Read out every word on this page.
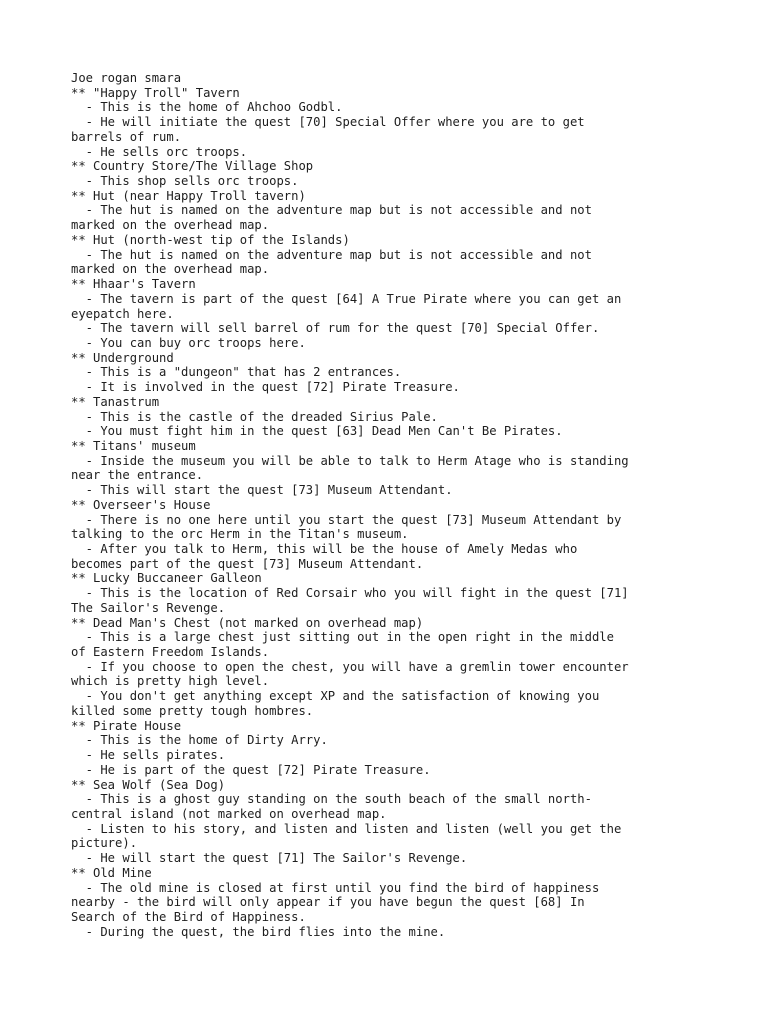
Joe rogan smara
** "Happy Troll" Tavern
- This is the home of Ahchoo Godbl.
- He will initiate the quest [70] Special Offer where you are to get
barrels of rum.
- He sells orc troops.
** Country Store/The Village Shop
- This shop sells orc troops.
** Hut (near Happy Troll tavern)
- The hut is named on the adventure map but is not accessible and not
marked on the overhead map.
** Hut (north-west tip of the Islands)
- The hut is named on the adventure map but is not accessible and not
marked on the overhead map.
** Hhaar's Tavern
- The tavern is part of the quest [64] A True Pirate where you can get an
eyepatch here.
- The tavern will sell barrel of rum for the quest [70] Special Offer.
- You can buy orc troops here.
** Underground
- This is a "dungeon" that has 2 entrances.
- It is involved in the quest [72] Pirate Treasure.
** Tanastrum
- This is the castle of the dreaded Sirius Pale.
- You must fight him in the quest [63] Dead Men Can't Be Pirates.
** Titans' museum
- Inside the museum you will be able to talk to Herm Atage who is standing
near the entrance.
- This will start the quest [73] Museum Attendant.
** Overseer's House
- There is no one here until you start the quest [73] Museum Attendant by
talking to the orc Herm in the Titan's museum.
- After you talk to Herm, this will be the house of Amely Medas who
becomes part of the quest [73] Museum Attendant.
** Lucky Buccaneer Galleon
- This is the location of Red Corsair who you will fight in the quest [71]
The Sailor's Revenge.
** Dead Man's Chest (not marked on overhead map)
- This is a large chest just sitting out in the open right in the middle
of Eastern Freedom Islands.
- If you choose to open the chest, you will have a gremlin tower encounter
which is pretty high level.
- You don't get anything except XP and the satisfaction of knowing you
killed some pretty tough hombres.
** Pirate House
- This is the home of Dirty Arry.
- He sells pirates.
- He is part of the quest [72] Pirate Treasure.
** Sea Wolf (Sea Dog)
- This is a ghost guy standing on the south beach of the small north-
central island (not marked on overhead map.
- Listen to his story, and listen and listen and listen (well you get the
picture).
- He will start the quest [71] The Sailor's Revenge.
** Old Mine
- The old mine is closed at first until you find the bird of happiness
nearby - the bird will only appear if you have begun the quest [68] In
Search of the Bird of Happiness.
- During the quest, the bird flies into the mine.
